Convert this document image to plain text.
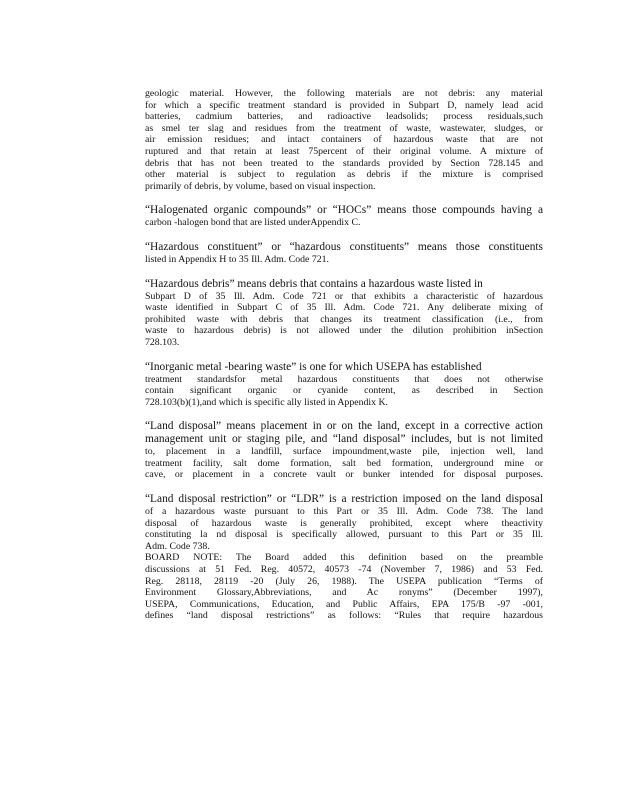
geologic material. However, the following materials are not debris: any material
for which a specific treatment standard is provided in Subpart D, namely lead acid
batteries, cadmium batteries, and radioactive leadsolids; process residuals,such
as smel ter slag and residues from the treatment of waste, wastewater, sludges, or
air emission residues; and intact containers of hazardous waste that are not
ruptured and that retain at least 75percent of their original volume. A mixture of
debris that has not been treated to the standards provided by Section 728.145 and
other material is subject to regulation as debris if the mixture is comprised
primarily of debris, by volume, based on visual inspection.
“Halogenated organic compounds” or “HOCs” means those compounds having a
carbon -halogen bond that are listed underAppendix C.
“Hazardous constituent” or “hazardous constituents” means those constituents
listed in Appendix H to 35 Ill. Adm. Code 721.
“Hazardous debris” means debris that contains a hazardous waste listed in
Subpart D of 35 Ill. Adm. Code 721 or that exhibits a characteristic of hazardous
waste identified in Subpart C of 35 Ill. Adm. Code 721. Any deliberate mixing of
prohibited waste with debris that changes its treatment classification (i.e., from
waste to hazardous debris) is not allowed under the dilution prohibition inSection
728.103.
“Inorganic metal -bearing waste” is one for which USEPA has established
treatment standardsfor metal hazardous constituents that does not otherwise
contain significant organic or cyanide content, as described in Section
728.103(b)(1),and which is specific ally listed in Appendix K.
“Land disposal” means placement in or on the land, except in a corrective action
management unit or staging pile, and “land disposal” includes, but is not limited
to, placement in a landfill, surface impoundment,waste pile, injection well, land
treatment facility, salt dome formation, salt bed formation, underground mine or
cave, or placement in a concrete vault or bunker intended for disposal purposes.
“Land disposal restriction” or “LDR” is a restriction imposed on the land disposal
of a hazardous waste pursuant to this Part or 35 Ill. Adm. Code 738. The land
disposal of hazardous waste is generally prohibited, except where theactivity
constituting la nd disposal is specifically allowed, pursuant to this Part or 35 Ill.
Adm. Code 738.
BOARD NOTE: The Board added this definition based on the preamble
discussions at 51 Fed. Reg. 40572, 40573 -74 (November 7, 1986) and 53 Fed.
Reg. 28118, 28119 -20 (July 26, 1988). The USEPA publication “Terms of
Environment Glossary,Abbreviations, and Ac ronyms” (December 1997),
USEPA, Communications, Education, and Public Affairs, EPA 175/B -97 -001,
defines “land disposal restrictions” as follows: “Rules that require hazardous
